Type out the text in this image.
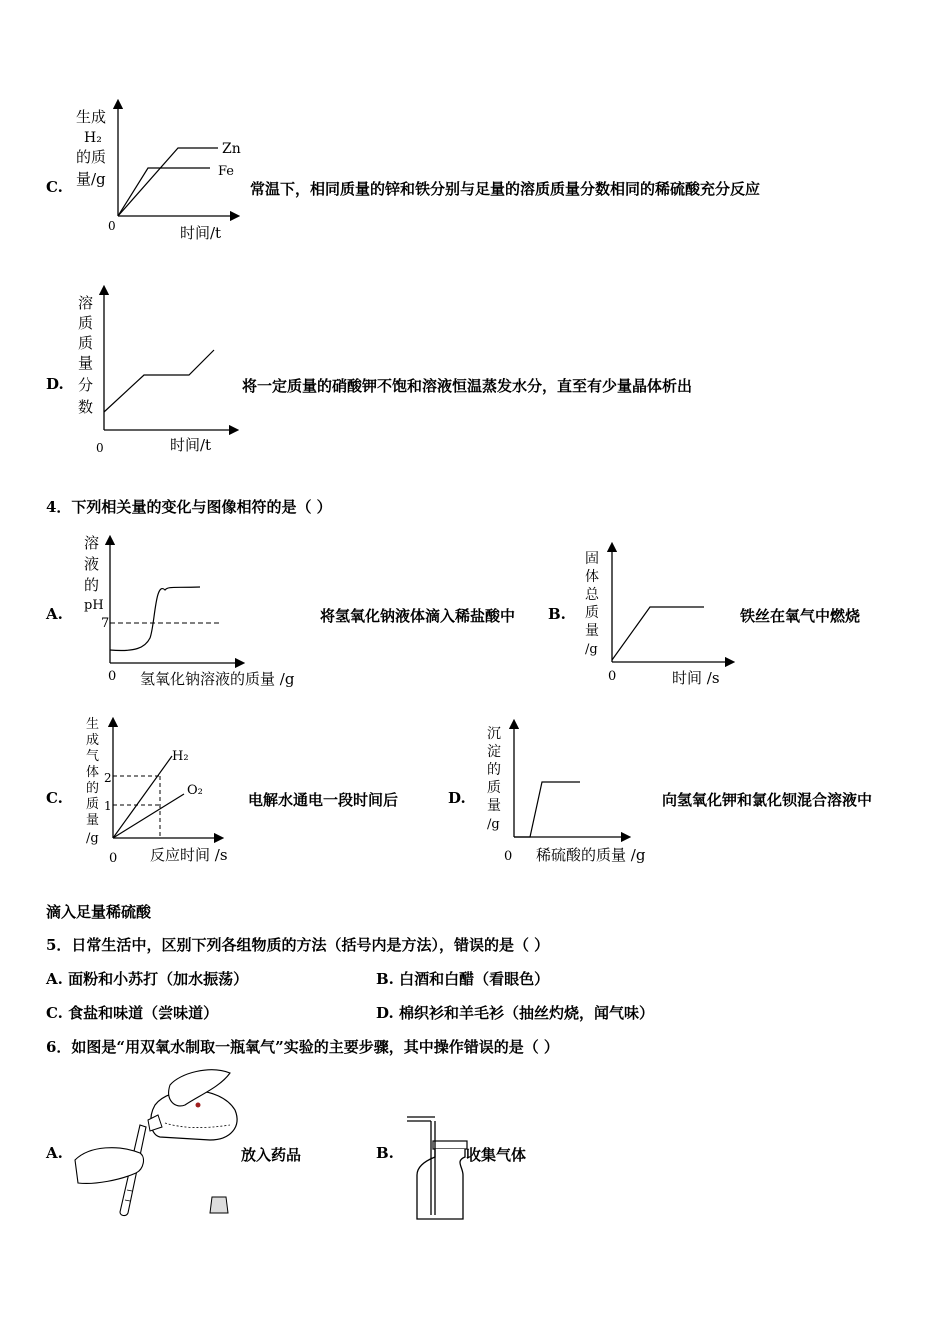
C.
生成
H₂
的质
量/g
0	时间/t
Zn
Fe
常温下，相同质量的锌和铁分别与足量的溶质质量分数相同的稀硫酸充分反应
D.
溶
质
质
量
分
数
0	时间/t
将一定质量的硝酸钾不饱和溶液恒温蒸发水分，直至有少量晶体析出
4．下列相关量的变化与图像相符的是（ ）
A.
溶
液
的
pH
7
0 氢氧化钠溶液的质量 /g
将氢氧化钠液体滴入稀盐酸中 B.
固
体
总
质
量
/g
0	时间 /s
铁丝在氧气中燃烧
C.
生
成
气
体
的
质
量
/g
2
1
H₂
O₂
0 反应时间 /s
电解水通电一段时间后	D.
沉
淀
的
质
量
/g
0 稀硫酸的质量 /g
向氢氧化钾和氯化钡混合溶液中
滴入足量稀硫酸
5．日常生活中，区别下列各组物质的方法（括号内是方法），错误的是（ ）
A. 面粉和小苏打（加水振荡）	B. 白酒和白醋（看眼色）
C. 食盐和味道（尝味道）	D. 棉织衫和羊毛衫（抽丝灼烧，闻气味）
6．如图是“用双氧水制取一瓶氧气”实验的主要步骤，其中操作错误的是（ ）
A.	放入药品	B.	收集气体
